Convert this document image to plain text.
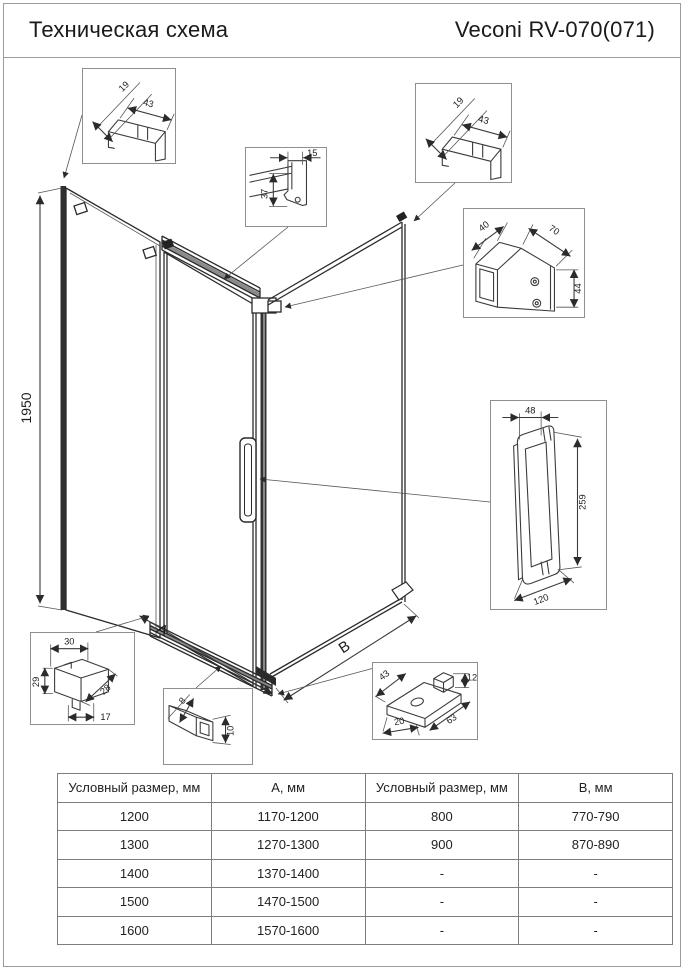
Техническая схема	Veconi RV-070(071)
1950
A
B
19
43
15
37
19
43
40	70
44
48
259
120
30
29
28
17
8
10
43	12
63
20
Условный размер, мм	А, мм	Условный размер, мм	В, мм
1200	1170-1200	800	770-790
1300	1270-1300	900	870-890
1400	1370-1400	-	-
1500	1470-1500	-	-
1600	1570-1600	-	-
